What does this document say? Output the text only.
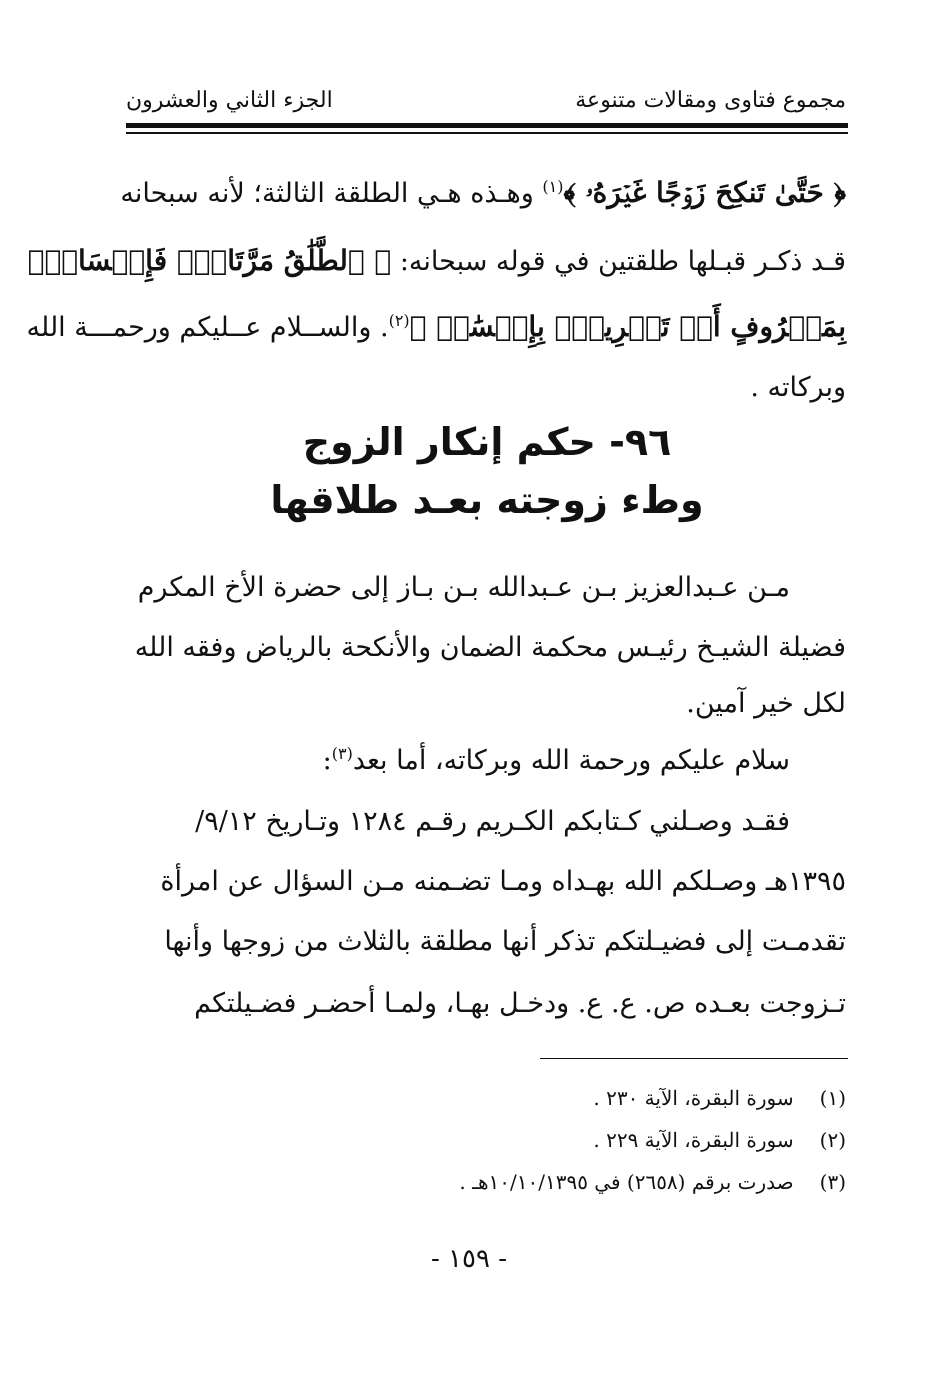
مجموع فتاوى ومقالات متنوعة
الجزء الثاني والعشرون
﴿ حَتَّىٰ تَنكِحَ زَوۡجًا غَيۡرَهُۥ ﴾$^{(١)}$ وهـذه هـي الطلقة الثالثة؛ لأنه سبحانه
قـد ذكـر قبـلها طلقتين في قوله سبحانه: ﴿ ٱلطَّلَٰقُ مَرَّتَانِۖ فَإِمۡسَاكُۢ
بِمَعۡرُوفٍ أَوۡ تَسۡرِيحُۢ بِإِحۡسَٰنٖ ﴾$^{(٢)}$. والســلام عــليكم ورحمـــة الله
وبركاته .
٩٦- حكم إنكار الزوج
وطء زوجته بعـد طلاقها
مـن عـبدالعزيز بـن عـبدالله بـن بـاز إلى حضرة الأخ المكرم
فضيلة الشيـخ رئيـس محكمة الضمان والأنكحة بالرياض وفقه الله
لكل خير آمين.
سلام عليكم ورحمة الله وبركاته، أما بعد$^{(٣)}$:
فقـد وصـلني كـتابكم الكـريم رقـم ١٢٨٤ وتـاريخ ٩/١٢/
١٣٩٥هـ وصـلكم الله بهـداه ومـا تضـمنه مـن السؤال عن امرأة
تقدمـت إلى فضيـلتكم تذكر أنها مطلقة بالثلاث من زوجها وأنها
تـزوجت بعـده ص. ع. ع. ودخـل بهـا، ولمـا أحضـر فضـيلتكم
(١) سورة البقرة، الآية ٢٣٠ .
(٢) سورة البقرة، الآية ٢٢٩ .
(٣) صدرت برقم (٢٦٥٨) في ١٠/١٠/١٣٩٥هـ .
- ١٥٩ -
